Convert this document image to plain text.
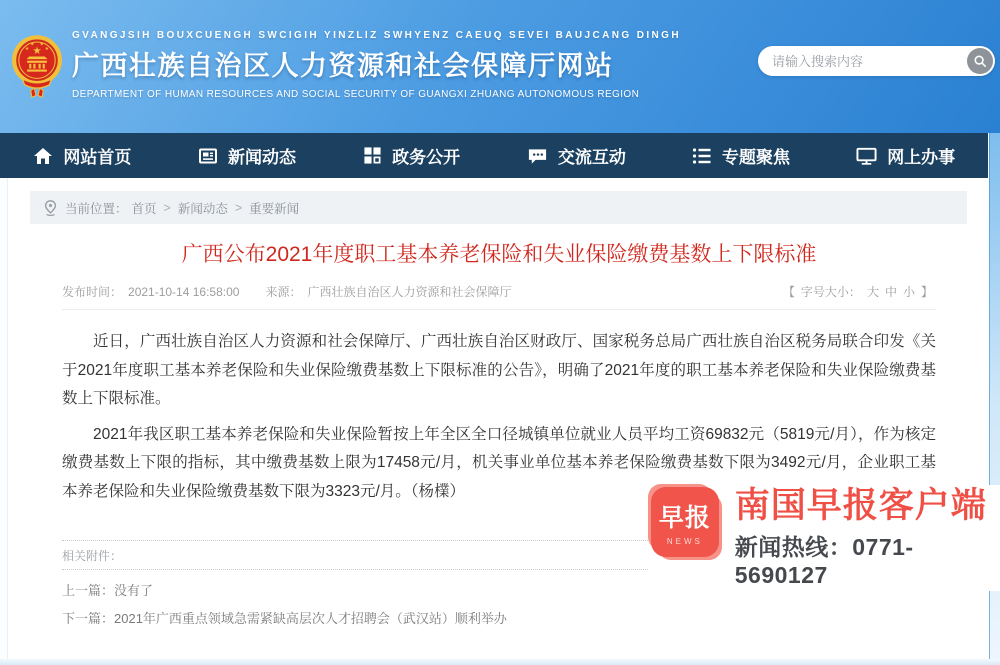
★
★
★ ★
★
GVANGJSIH BOUXCUENGH SWCIGIH YINZLIZ SWHYENZ CAEUQ SEVEI BAUJCANG DINGH
广西壮族自治区人力资源和社会保障厅网站
DEPARTMENT OF HUMAN RESOURCES AND SOCIAL SECURITY OF GUANGXI ZHUANG AUTONOMOUS REGION
请输入搜索内容
网站首页	新闻动态	政务公开	交流互动	专题聚焦	网上办事
当前位置： 首页 > 新闻动态 > 重要新闻
广西公布2021年度职工基本养老保险和失业保险缴费基数上下限标准
发布时间： 2021-10-14 16:58:00 来源： 广西壮族自治区人力资源和社会保障厅	【 字号大小： 大 中 小 】

近日，广西壮族自治区人力资源和社会保障厅、广西壮族自治区财政厅、国家税务总局广西壮族自治区税务局联合印发《关于2021年度职工基本养老保险和失业保险缴费基数上下限标准的公告》，明确了2021年度的职工基本养老保险和失业保险缴费基数上下限标准。

2021年我区职工基本养老保险和失业保险暂按上年全区全口径城镇单位就业人员平均工资69832元（5819元/月），作为核定缴费基数上下限的指标，其中缴费基数上限为17458元/月，机关事业单位基本养老保险缴费基数下限为3492元/月，企业职工基本养老保险和失业保险缴费基数下限为3323元/月。（杨檏）

相关附件：
上一篇：没有了
下一篇：2021年广西重点领域急需紧缺高层次人才招聘会（武汉站）顺利举办
早报
NEWS
南国早报客户端
新闻热线：0771-5690127
